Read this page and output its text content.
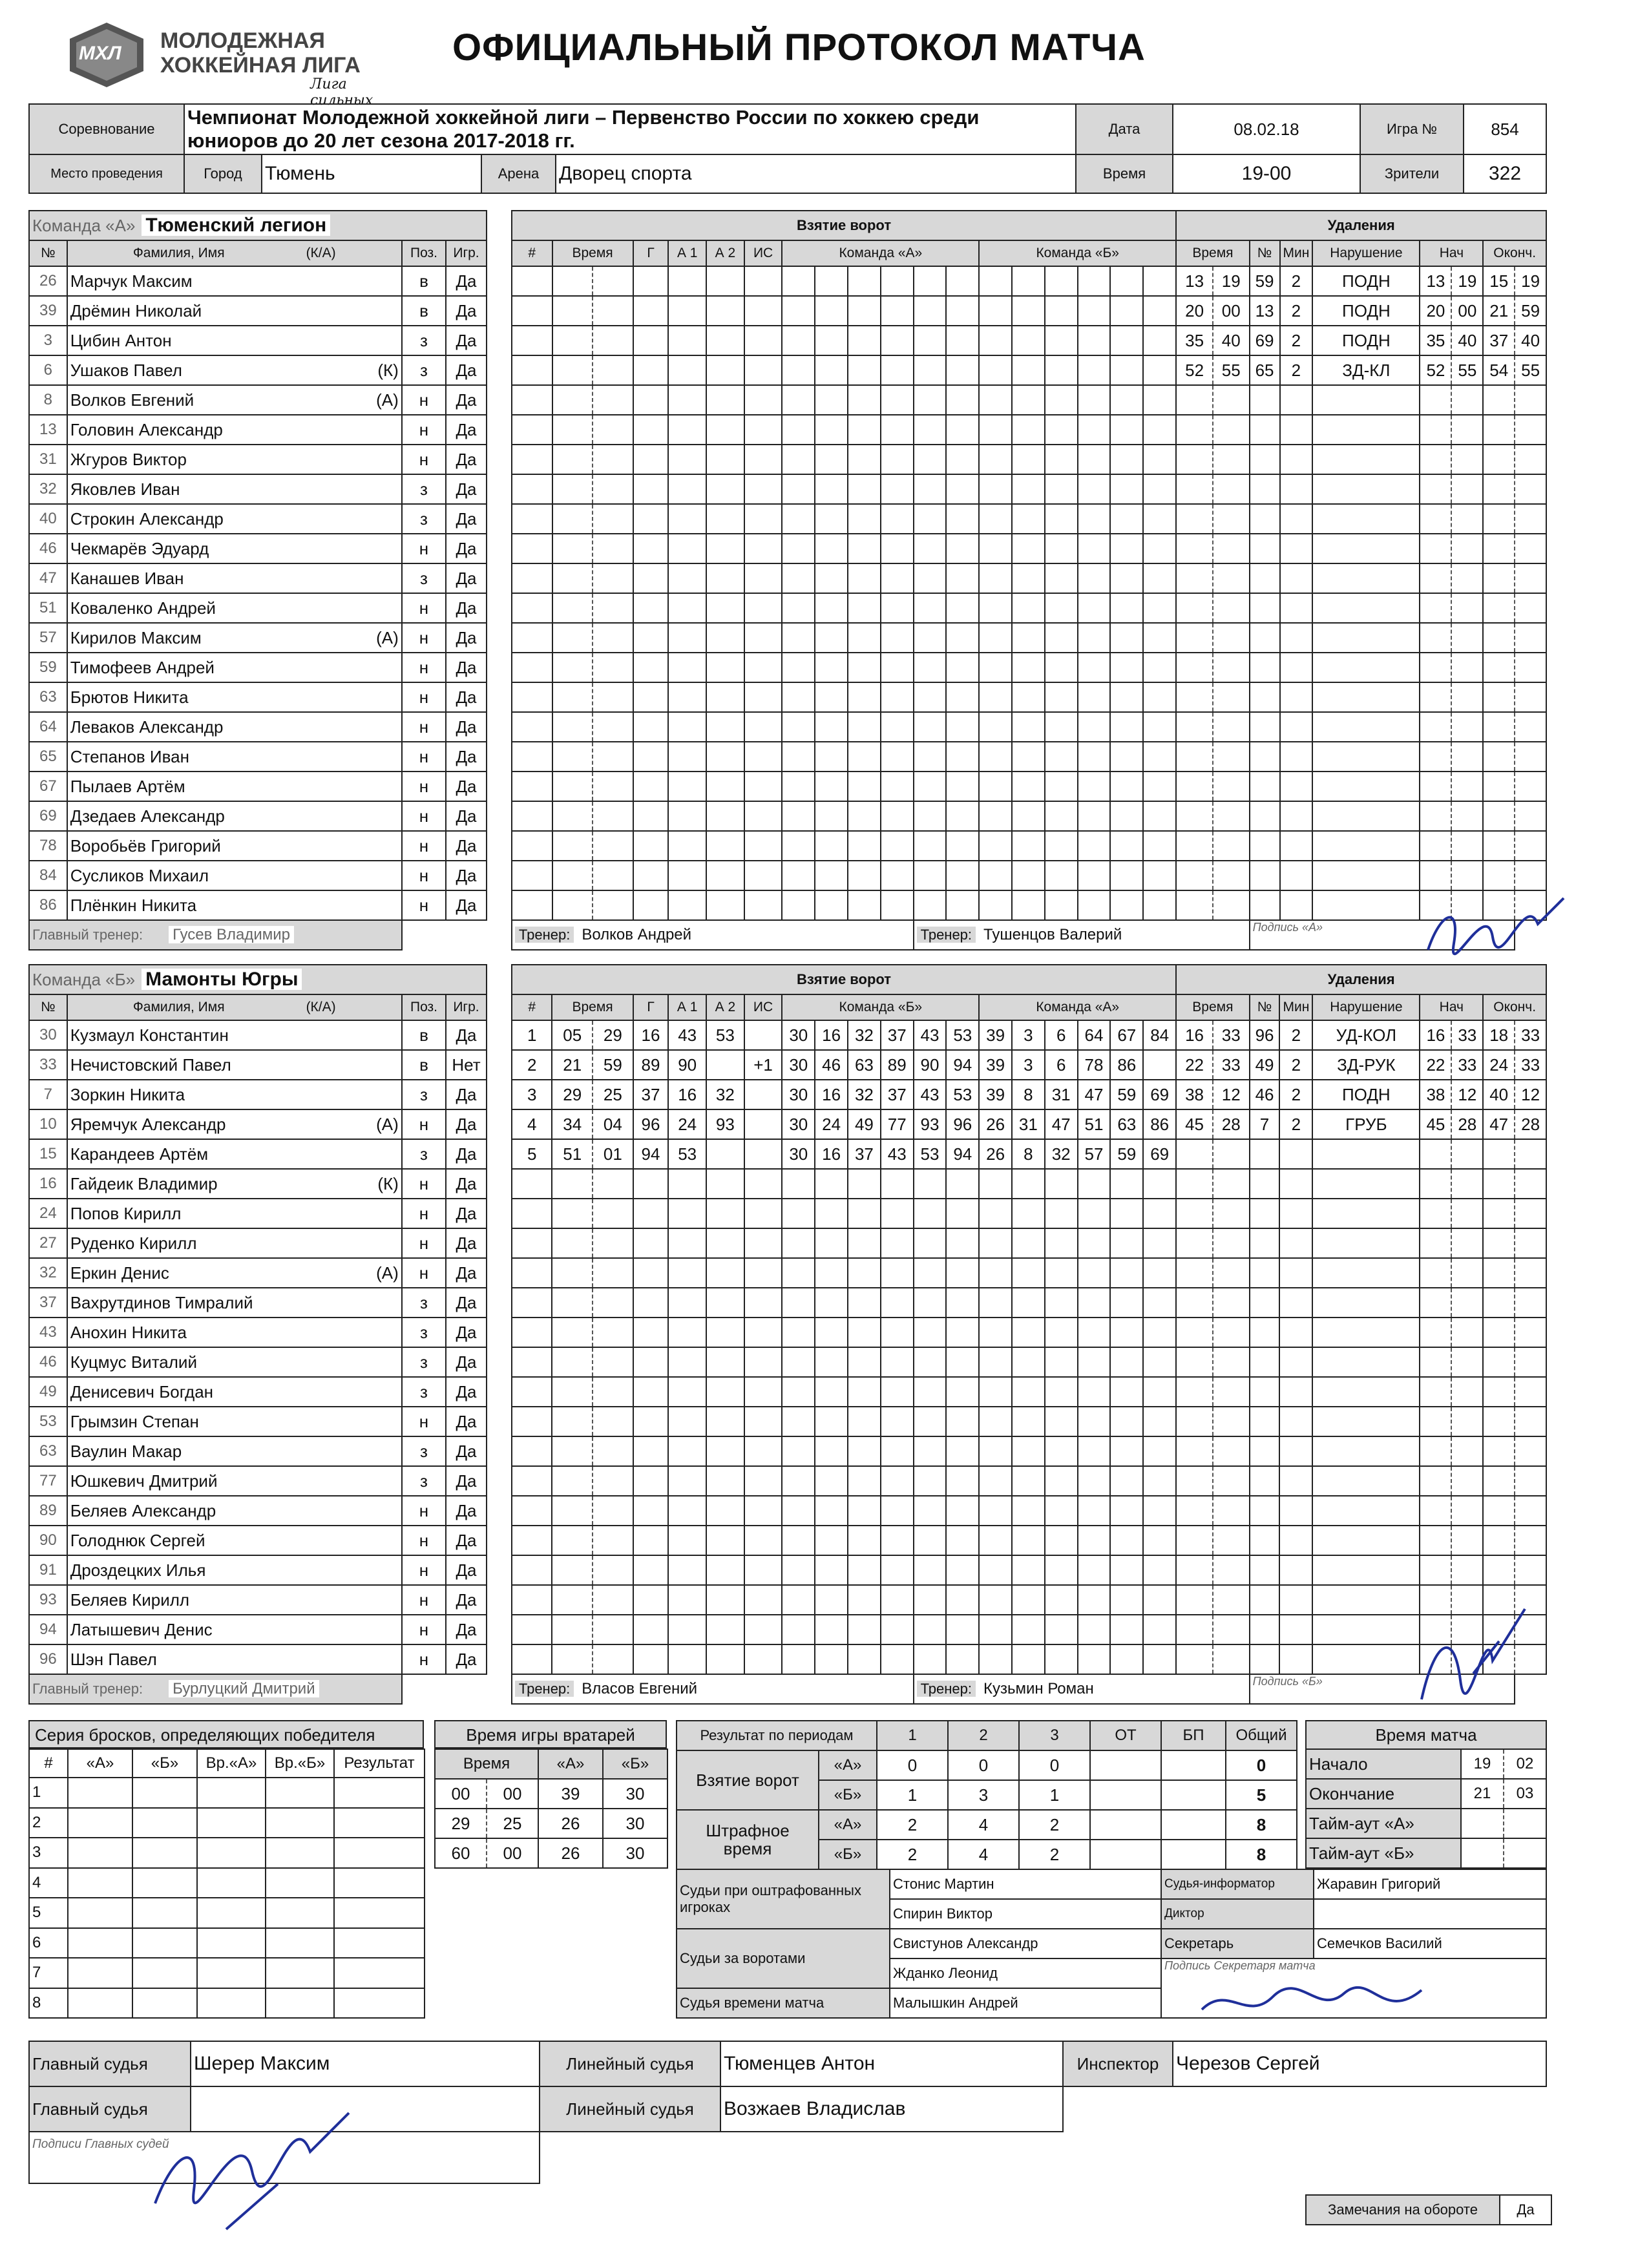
МХЛ
МОЛОДЕЖНАЯ
ХОККЕЙНАЯ ЛИГА
Лига сильных
ОФИЦИАЛЬНЫЙ ПРОТОКОЛ МАТЧА
Соревнование	Чемпионат Молодежной хоккейной лиги – Первенство России по хоккею среди юниоров до 20 лет сезона 2017-2018 гг.				Дата	08.02.18	Игра №	854
Место проведения	Город	Тюмень	Арена	Дворец спорта	Время	19-00	Зрители	322
Команда «А» Тюменский легион					Взятие ворот																			Удаления								
№	Фамилия, Имя      (К/А)	Поз.	Игр.		#	Время		Г	А 1	А 2	ИС	Команда «А»						Команда «Б»						Время		№	Мин	Нарушение	Нач		Оконч.	
26	Марчук Максим	в	Да																					13	19	59	2	ПОДН	13	19	15	19
39	Дрёмин Николай	в	Да																					20	00	13	2	ПОДН	20	00	21	59
3	Цибин Антон	з	Да																					35	40	69	2	ПОДН	35	40	37	40
6	Ушаков Павел (К)	з	Да																					52	55	65	2	ЗД-КЛ	52	55	54	55
8	Волков Евгений (А)	н	Да																													
13	Головин Александр	н	Да																													
31	Жгуров Виктор	н	Да																													
32	Яковлев Иван	з	Да																													
40	Строкин Александр	з	Да																													
46	Чекмарёв Эдуард	н	Да																													
47	Канашев Иван	з	Да																													
51	Коваленко Андрей	н	Да																													
57	Кирилов Максим (А)	н	Да																													
59	Тимофеев Андрей	н	Да																													
63	Брютов Никита	н	Да																													
64	Леваков Александр	н	Да																													
65	Степанов Иван	н	Да																													
67	Пылаев Артём	н	Да																													
69	Дзедаев Александр	н	Да																													
78	Воробьёв Григорий	н	Да																													
84	Сусликов Михаил	н	Да																													
86	Плёнкин Никита	н	Да																													
Главный тренер: Гусев Владимир					Тренер: Волков Андрей											Тренер: Тушенцов Валерий										Подпись «А»						
Команда «Б» Мамонты Югры					Взятие ворот																			Удаления								
№	Фамилия, Имя      (К/А)	Поз.	Игр.		#	Время		Г	А 1	А 2	ИС	Команда «Б»						Команда «А»						Время		№	Мин	Нарушение	Нач		Оконч.	
30	Кузмаул Константин	в	Да		1	05	29	16	43	53		30	16	32	37	43	53	39	3	6	64	67	84	16	33	96	2	УД-КОЛ	16	33	18	33
33	Нечистовский Павел	в	Нет		2	21	59	89	90		+1	30	46	63	89	90	94	39	3	6	78	86		22	33	49	2	ЗД-РУК	22	33	24	33
7	Зоркин Никита	з	Да		3	29	25	37	16	32		30	16	32	37	43	53	39	8	31	47	59	69	38	12	46	2	ПОДН	38	12	40	12
10	Яремчук Александр (А)	н	Да		4	34	04	96	24	93		30	24	49	77	93	96	26	31	47	51	63	86	45	28	7	2	ГРУБ	45	28	47	28
15	Карандеев Артём	з	Да		5	51	01	94	53			30	16	37	43	53	94	26	8	32	57	59	69									
16	Гайдеик Владимир (К)	н	Да																													
24	Попов Кирилл	н	Да																													
27	Руденко Кирилл	н	Да																													
32	Еркин Денис (А)	н	Да																													
37	Вахрутдинов Тимралий	з	Да																													
43	Анохин Никита	з	Да																													
46	Куцмус Виталий	з	Да																													
49	Денисевич Богдан	з	Да																													
53	Грымзин Степан	н	Да																													
63	Ваулин Макар	з	Да																													
77	Юшкевич Дмитрий	з	Да																													
89	Беляев Александр	н	Да																													
90	Голоднюк Сергей	н	Да																													
91	Дроздецких Илья	н	Да																													
93	Беляев Кирилл	н	Да																													
94	Латышевич Денис	н	Да																													
96	Шэн Павел	н	Да																													
Главный тренер: Бурлуцкий Дмитрий					Тренер: Власов Евгений											Тренер: Кузьмин Роман										Подпись «Б»						
Серия бросков, определяющих победителя
#	«А»	«Б»	Вр.«А»	Вр.«Б»	Результат
1					
2					
3					
4					
5					
6					
7					
8					
Время игры вратарей
Время		«А»	«Б»
00	00	39	30
29	25	26	30
60	00	26	30
Результат по периодам		1	2	3	ОТ	БП	Общий
Взятие ворот	«А»	0	0	0			0
	«Б»	1	3	1			5
Штрафное время	«А»	2	4	2			8
	«Б»	2	4	2			8
Время матча		
Начало	19	02
Окончание	21	03
Тайм-аут «А»		
Тайм-аут «Б»		
Судьи при оштрафованных игроках	Стонис Мартин	Судья-информатор	Жаравин Григорий
	Спирин Виктор	Диктор	
Судьи за воротами	Свистунов Александр	Секретарь	Семечков Василий
	Жданко Леонид	Подпись Секретаря матча	
Судья времени матча	Малышкин Андрей		
Главный судья	Шерер Максим	Линейный судья	Тюменцев Антон	Инспектор	Черезов Сергей
Главный судья		Линейный судья	Возжаев Владислав		
Подписи Главных судей					
Замечания на обороте	Да
